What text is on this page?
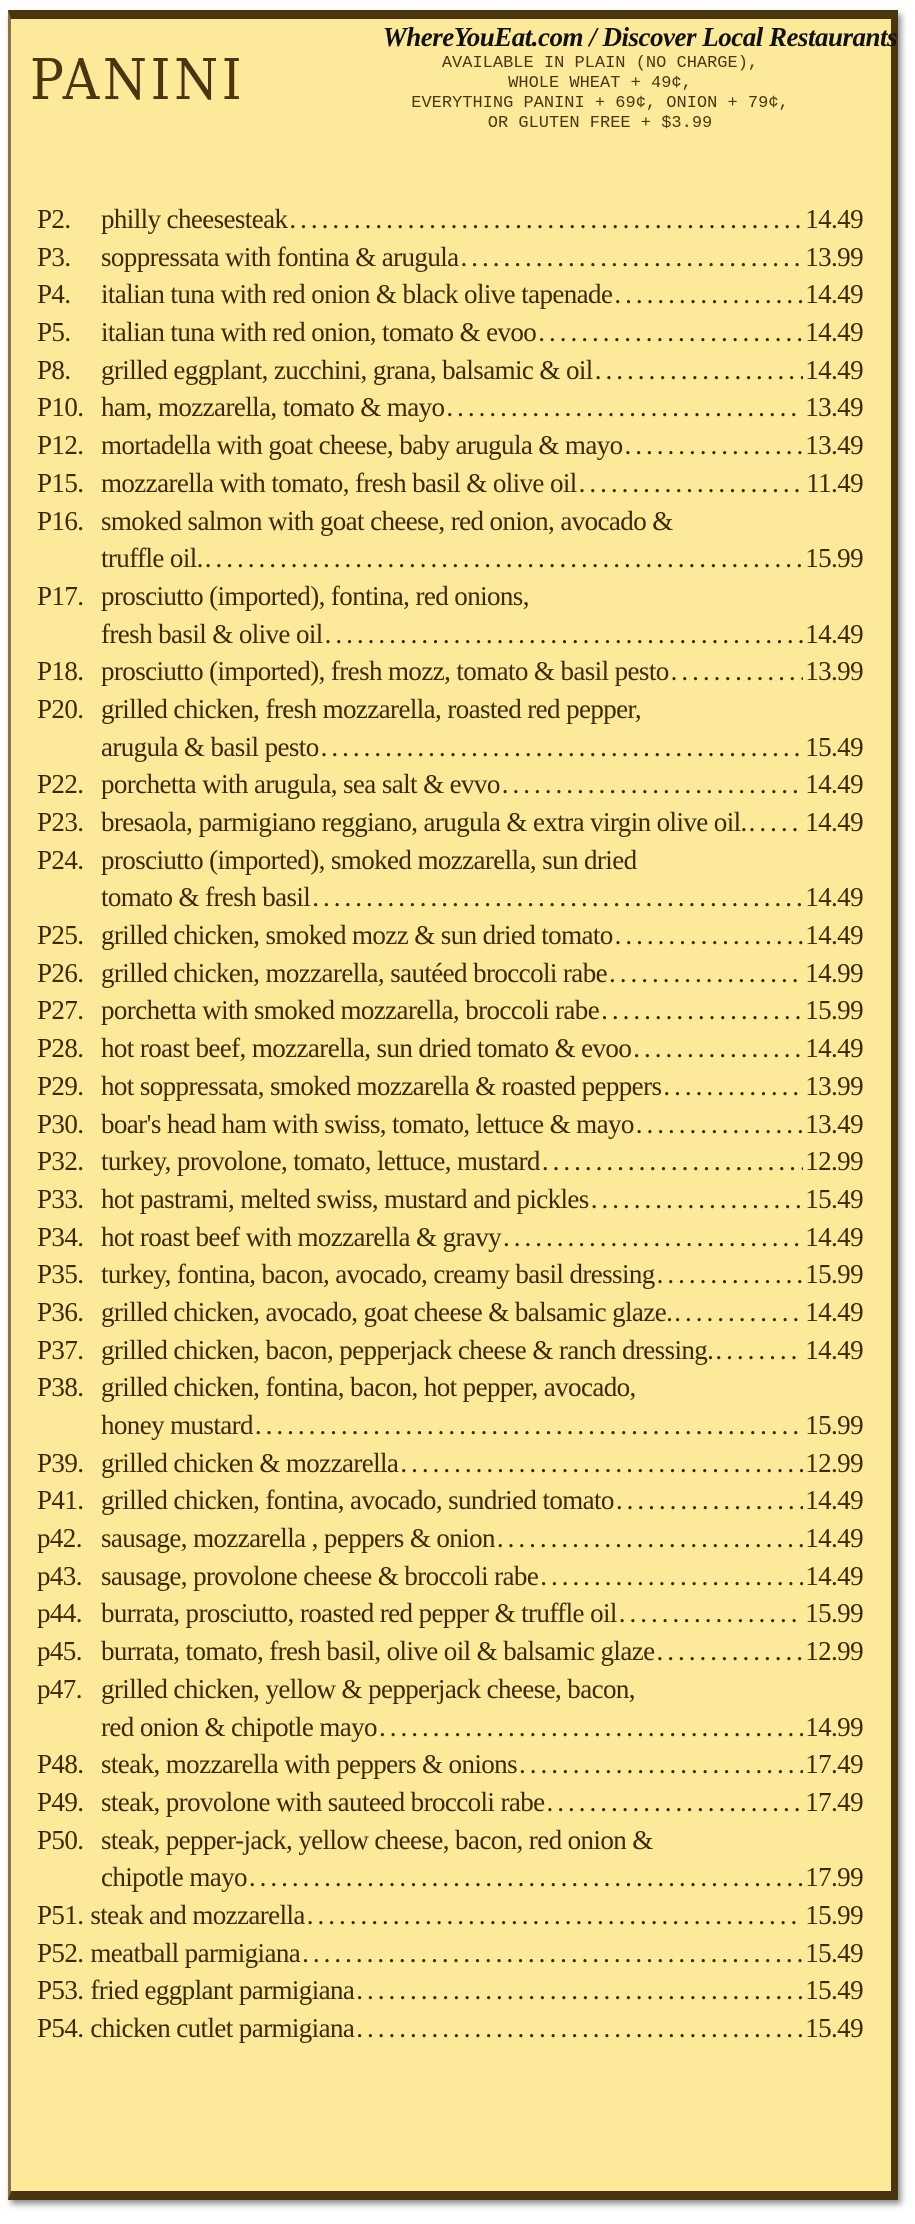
PANINI
WhereYouEat.com / Discover Local Restaurants
AVAILABLE IN PLAIN (NO CHARGE),
WHOLE WHEAT + 49¢,
EVERYTHING PANINI + 69¢, ONION + 79¢,
OR GLUTEN FREE + $3.99
P2.	philly cheesesteak .....	14.49
P3.	soppressata with fontina & arugula .....	13.99
P4.	italian tuna with red onion & black olive tapenade .....	14.49
P5.	italian tuna with red onion, tomato & evoo .....	14.49
P8.	grilled eggplant, zucchini, grana, balsamic & oil .....	14.49
P10. ham, mozzarella, tomato & mayo .....	13.49
P12. mortadella with goat cheese, baby arugula & mayo .....	13.49
P15. mozzarella with tomato, fresh basil & olive oil .....	11.49
P16. smoked salmon with goat cheese, red onion, avocado &
truffle oil. .....	15.99
P17. prosciutto (imported), fontina, red onions,
fresh basil & olive oil .....	14.49
P18. prosciutto (imported), fresh mozz, tomato & basil pesto .....	13.99
P20. grilled chicken, fresh mozzarella, roasted red pepper,
arugula & basil pesto .....	15.49
P22. porchetta with arugula, sea salt & evvo .....	14.49
P23. bresaola, parmigiano reggiano, arugula & extra virgin olive oil. ..... 14.49
P24. prosciutto (imported), smoked mozzarella, sun dried
tomato & fresh basil .....	14.49
P25. grilled chicken, smoked mozz & sun dried tomato .....	14.49
P26. grilled chicken, mozzarella, sautéed broccoli rabe .....	14.99
P27. porchetta with smoked mozzarella, broccoli rabe .....	15.99
P28. hot roast beef, mozzarella, sun dried tomato & evoo .....	14.49
P29. hot soppressata, smoked mozzarella & roasted peppers .....	13.99
P30. boar's head ham with swiss, tomato, lettuce & mayo .....	13.49
P32. turkey, provolone, tomato, lettuce, mustard .....	12.99
P33. hot pastrami, melted swiss, mustard and pickles .....	15.49
P34. hot roast beef with mozzarella & gravy .....	14.49
P35. turkey, fontina, bacon, avocado, creamy basil dressing .....	15.99
P36. grilled chicken, avocado, goat cheese & balsamic glaze. .....	14.49
P37. grilled chicken, bacon, pepperjack cheese & ranch dressing. .....	14.49
P38. grilled chicken, fontina, bacon, hot pepper, avocado,
honey mustard .....	15.99
P39. grilled chicken & mozzarella .....	12.99
P41. grilled chicken, fontina, avocado, sundried tomato .....	14.49
p42. sausage, mozzarella , peppers & onion .....	14.49
p43. sausage, provolone cheese & broccoli rabe .....	14.49
p44. burrata, prosciutto, roasted red pepper & truffle oil .....	15.99
p45. burrata, tomato, fresh basil, olive oil & balsamic glaze .....	12.99
p47. grilled chicken, yellow & pepperjack cheese, bacon,
red onion & chipotle mayo .....	14.99
P48. steak, mozzarella with peppers & onions .....	17.49
P49. steak, provolone with sauteed broccoli rabe .....	17.49
P50. steak, pepper-jack, yellow cheese, bacon, red onion &
chipotle mayo .....	17.99
P51. steak and mozzarella .....	15.99
P52. meatball parmigiana .....	15.49
P53. fried eggplant parmigiana .....	15.49
P54. chicken cutlet parmigiana .....	15.49
